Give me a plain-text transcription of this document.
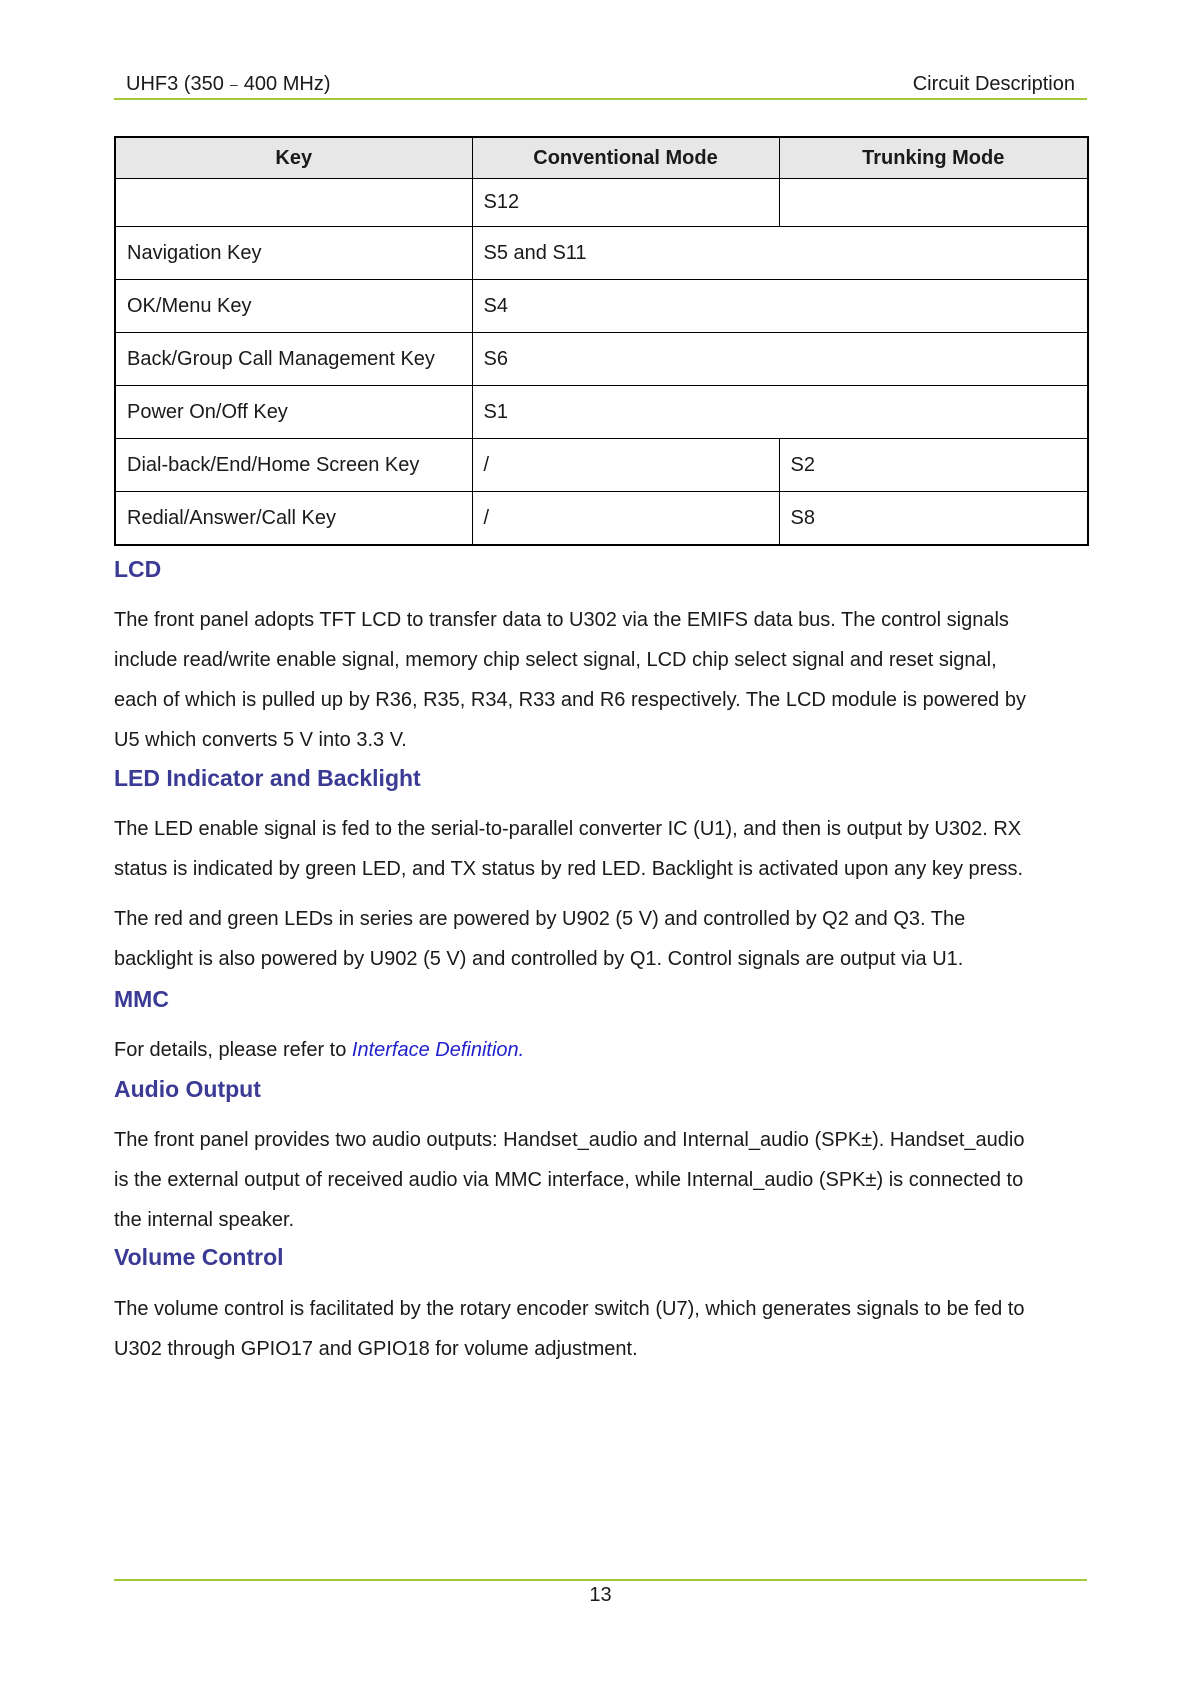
UHF3 (350﹣400 MHz)	Circuit Description
Key	Conventional Mode	Trunking Mode
	S12	
Navigation Key	S5 and S11	
OK/Menu Key	S4	
Back/Group Call Management Key	S6	
Power On/Off Key	S1	
Dial-back/End/Home Screen Key	/	S2
Redial/Answer/Call Key	/	S8
LCD
The front panel adopts TFT LCD to transfer data to U302 via the EMIFS data bus. The control signals
include read/write enable signal, memory chip select signal, LCD chip select signal and reset signal,
each of which is pulled up by R36, R35, R34, R33 and R6 respectively. The LCD module is powered by
U5 which converts 5 V into 3.3 V.
LED Indicator and Backlight
The LED enable signal is fed to the serial-to-parallel converter IC (U1), and then is output by U302. RX
status is indicated by green LED, and TX status by red LED. Backlight is activated upon any key press.
The red and green LEDs in series are powered by U902 (5 V) and controlled by Q2 and Q3. The
backlight is also powered by U902 (5 V) and controlled by Q1. Control signals are output via U1.
MMC
For details, please refer to Interface Definition.
Audio Output
The front panel provides two audio outputs: Handset_audio and Internal_audio (SPK±). Handset_audio
is the external output of received audio via MMC interface, while Internal_audio (SPK±) is connected to
the internal speaker.
Volume Control
The volume control is facilitated by the rotary encoder switch (U7), which generates signals to be fed to
U302 through GPIO17 and GPIO18 for volume adjustment.
13
